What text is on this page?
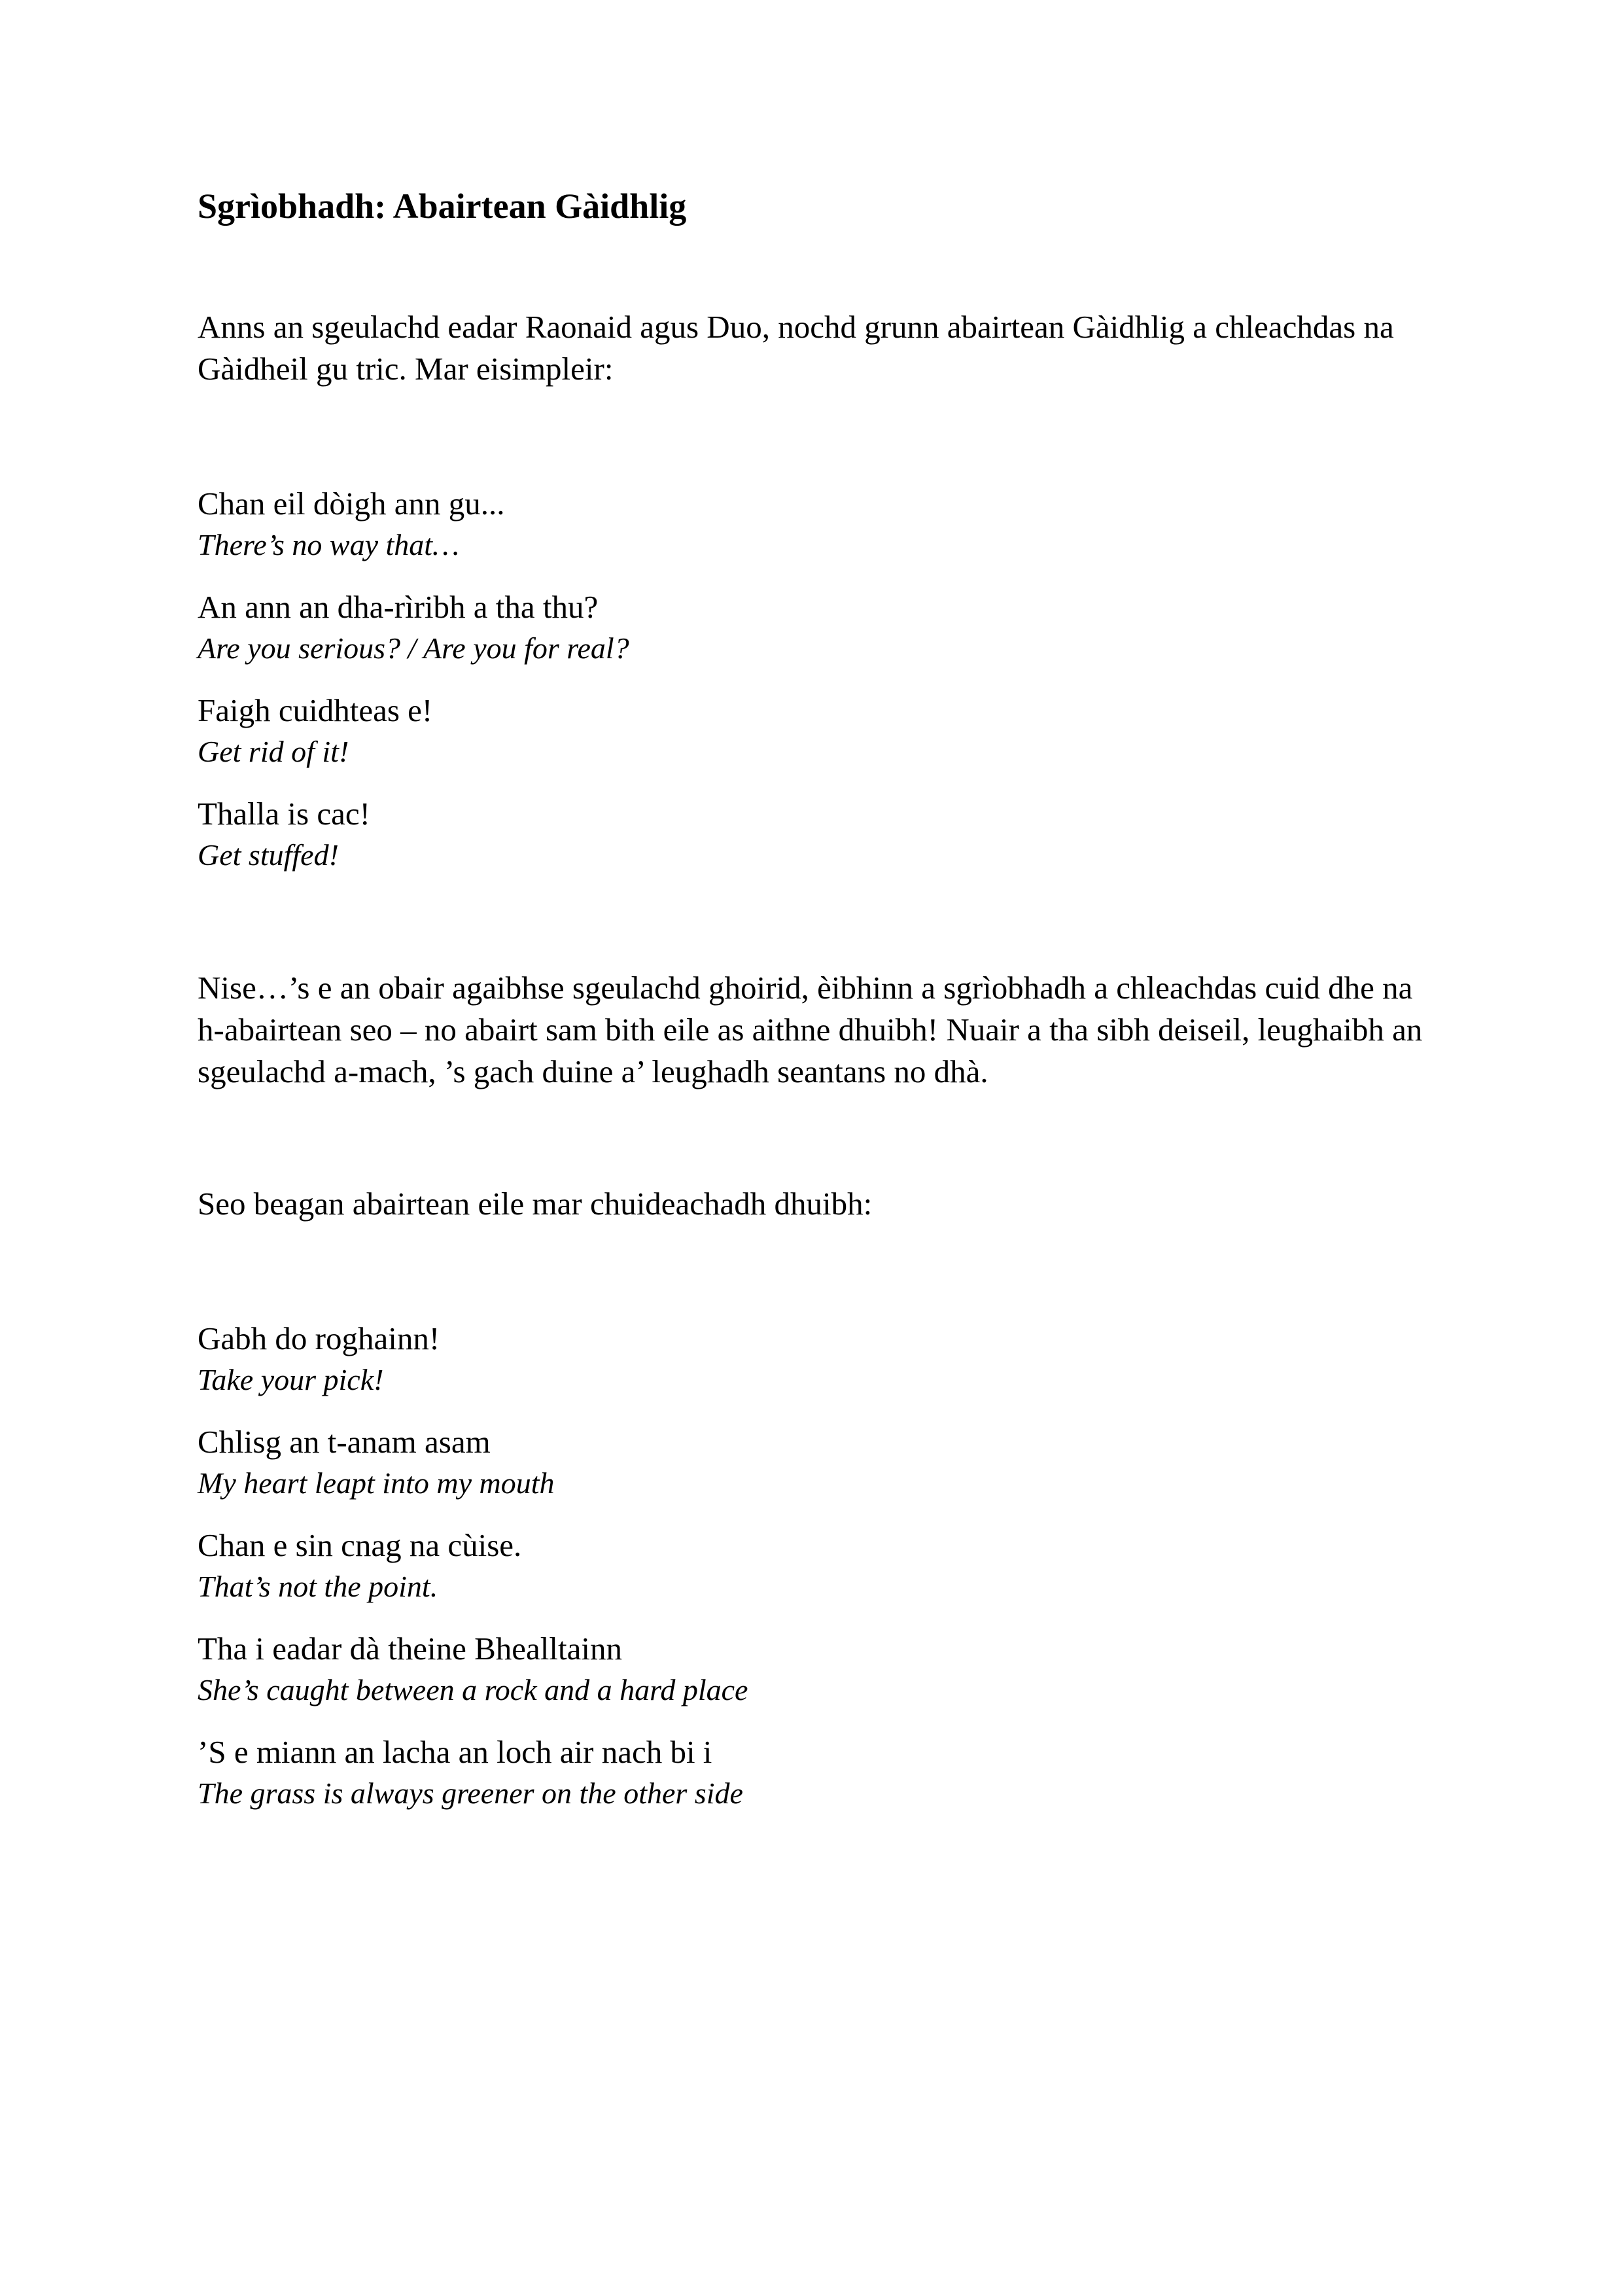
Sgrìobhadh: Abairtean Gàidhlig

Anns an sgeulachd eadar Raonaid agus Duo, nochd grunn abairtean Gàidhlig a chleachdas na Gàidheil gu tric. Mar eisimpleir:

Chan eil dòigh ann gu...
There’s no way that…
An ann an dha-rìribh a tha thu?
Are you serious? / Are you for real?
Faigh cuidhteas e!
Get rid of it!
Thalla is cac!
Get stuffed!

Nise…’s e an obair agaibhse sgeulachd ghoirid, èibhinn a sgrìobhadh a chleachdas cuid dhe na h-abairtean seo – no abairt sam bith eile as aithne dhuibh! Nuair a tha sibh deiseil, leughaibh an sgeulachd a-mach, ’s gach duine a’ leughadh seantans no dhà.

Seo beagan abairtean eile mar chuideachadh dhuibh:

Gabh do roghainn!
Take your pick!
Chlisg an t-anam asam
My heart leapt into my mouth
Chan e sin cnag na cùise.
That’s not the point.
Tha i eadar dà theine Bhealltainn
She’s caught between a rock and a hard place
’S e miann an lacha an loch air nach bi i
The grass is always greener on the other side
